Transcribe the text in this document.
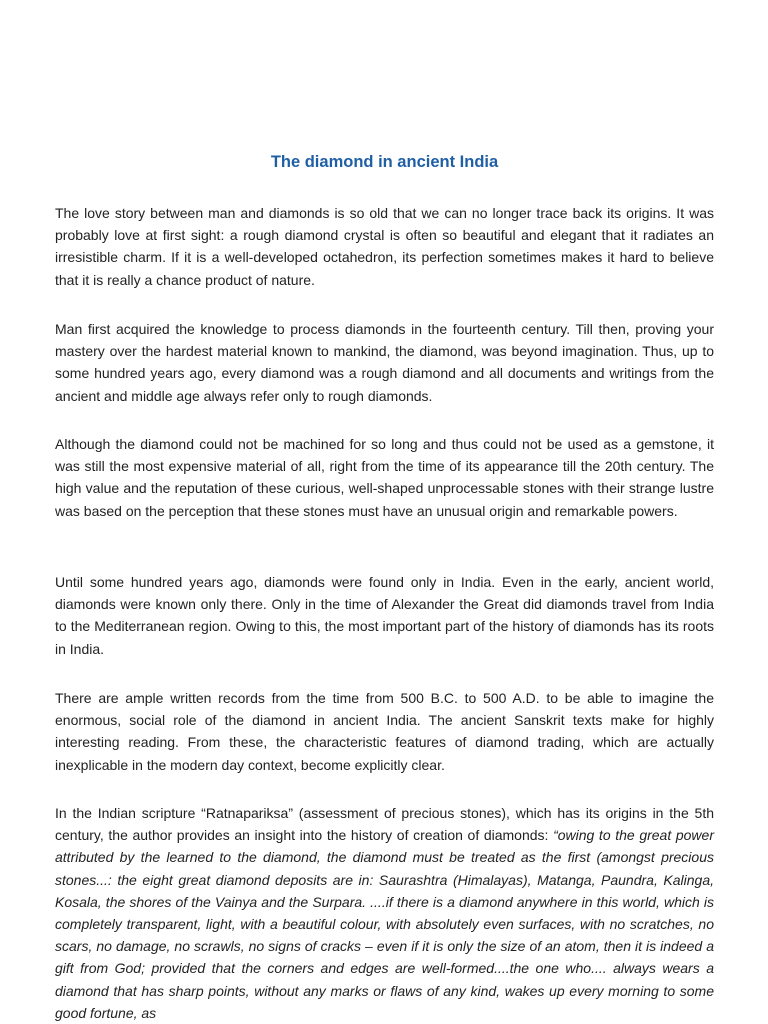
The diamond in ancient India

The love story between man and diamonds is so old that we can no longer trace back its origins. It was probably love at first sight: a rough diamond crystal is often so beautiful and elegant that it radiates an irresistible charm. If it is a well-developed octahedron, its perfection sometimes makes it hard to believe that it is really a chance product of nature.

Man first acquired the knowledge to process diamonds in the fourteenth century. Till then, proving your mastery over the hardest material known to mankind, the diamond, was beyond imagination. Thus, up to some hundred years ago, every diamond was a rough diamond and all documents and writings from the ancient and middle age always refer only to rough diamonds.

Although the diamond could not be machined for so long and thus could not be used as a gemstone, it was still the most expensive material of all, right from the time of its appearance till the 20th century. The high value and the reputation of these curious, well-shaped unprocessable stones with their strange lustre was based on the perception that these stones must have an unusual origin and remarkable powers.

Until some hundred years ago, diamonds were found only in India. Even in the early, ancient world, diamonds were known only there. Only in the time of Alexander the Great did diamonds travel from India to the Mediterranean region. Owing to this, the most important part of the history of diamonds has its roots in India.

There are ample written records from the time from 500 B.C. to 500 A.D. to be able to imagine the enormous, social role of the diamond in ancient India. The ancient Sanskrit texts make for highly interesting reading. From these, the characteristic features of diamond trading, which are actually inexplicable in the modern day context, become explicitly clear.

In the Indian scripture “Ratnapariksa” (assessment of precious stones), which has its origins in the 5th century, the author provides an insight into the history of creation of diamonds: “owing to the great power attributed by the learned to the diamond, the diamond must be treated as the first (amongst precious stones...: the eight great diamond deposits are in: Saurashtra (Himalayas), Matanga, Paundra, Kalinga, Kosala, the shores of the Vainya and the Surpara. ....if there is a diamond anywhere in this world, which is completely transparent, light, with a beautiful colour, with absolutely even surfaces, with no scratches, no scars, no damage, no scrawls, no signs of cracks – even if it is only the size of an atom, then it is indeed a gift from God; provided that the corners and edges are well-formed....the one who.... always wears a diamond that has sharp points, without any marks or flaws of any kind, wakes up every morning to some good fortune, as
